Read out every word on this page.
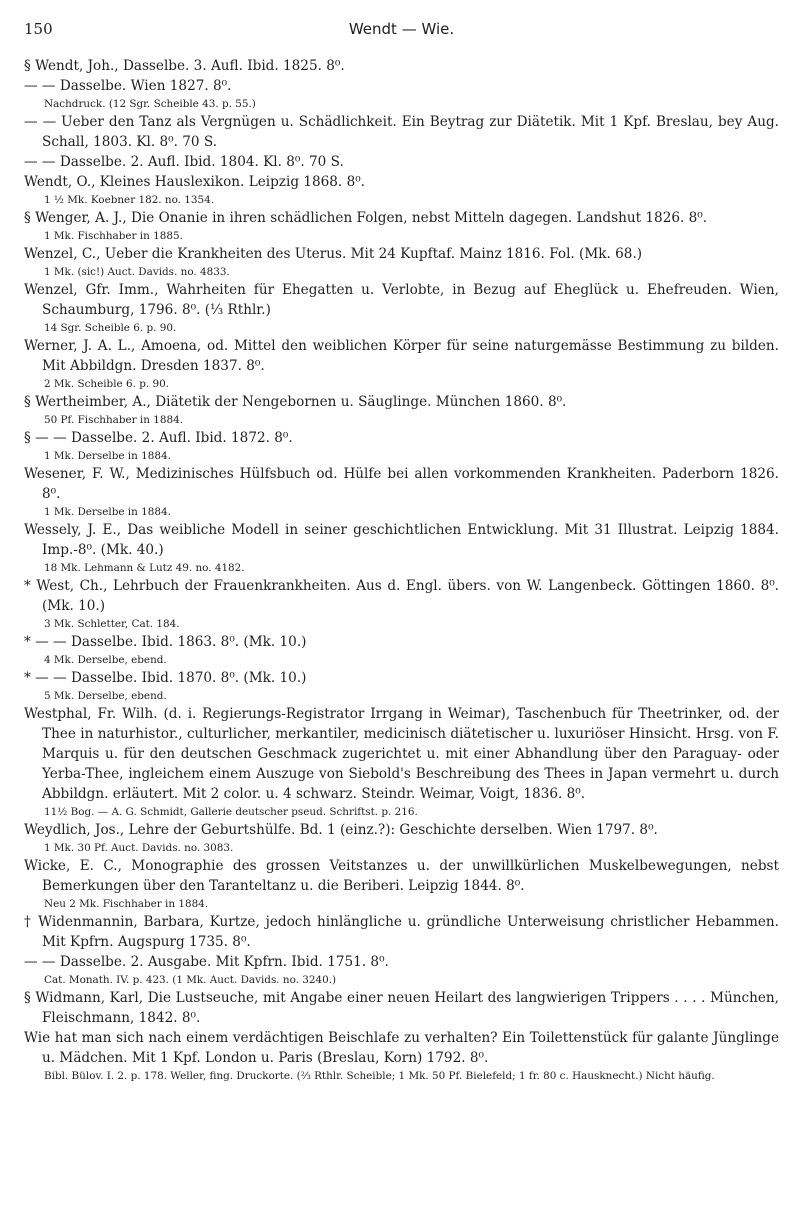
150	Wendt — Wie.
§ Wendt, Joh., Dasselbe. 3. Aufl. Ibid. 1825. 8⁰.
— — Dasselbe. Wien 1827. 8⁰.
Nachdruck. (12 Sgr. Scheible 43. p. 55.)
— — Ueber den Tanz als Vergnügen u. Schädlichkeit. Ein Beytrag zur Diätetik. Mit 1 Kpf. Breslau, bey Aug. Schall, 1803. Kl. 8⁰. 70 S.
— — Dasselbe. 2. Aufl. Ibid. 1804. Kl. 8⁰. 70 S.
Wendt, O., Kleines Hauslexikon. Leipzig 1868. 8⁰.
1 ½ Mk. Koebner 182. no. 1354.
§ Wenger, A. J., Die Onanie in ihren schädlichen Folgen, nebst Mitteln dagegen. Landshut 1826. 8⁰.
1 Mk. Fischhaber in 1885.
Wenzel, C., Ueber die Krankheiten des Uterus. Mit 24 Kupftaf. Mainz 1816. Fol. (Mk. 68.)
1 Mk. (sic!) Auct. Davids. no. 4833.
Wenzel, Gfr. Imm., Wahrheiten für Ehegatten u. Verlobte, in Bezug auf Eheglück u. Ehefreuden. Wien, Schaumburg, 1796. 8⁰. (⅓ Rthlr.)
14 Sgr. Scheible 6. p. 90.
Werner, J. A. L., Amoena, od. Mittel den weiblichen Körper für seine naturgemässe Bestimmung zu bilden. Mit Abbildgn. Dresden 1837. 8⁰.
2 Mk. Scheible 6. p. 90.
§ Wertheimber, A., Diätetik der Nengebornen u. Säuglinge. München 1860. 8⁰.
50 Pf. Fischhaber in 1884.
§ — — Dasselbe. 2. Aufl. Ibid. 1872. 8⁰.
1 Mk. Derselbe in 1884.
Wesener, F. W., Medizinisches Hülfsbuch od. Hülfe bei allen vorkommenden Krankheiten. Paderborn 1826. 8⁰.
1 Mk. Derselbe in 1884.
Wessely, J. E., Das weibliche Modell in seiner geschichtlichen Entwicklung. Mit 31 Illustrat. Leipzig 1884. Imp.-8⁰. (Mk. 40.)
18 Mk. Lehmann & Lutz 49. no. 4182.
* West, Ch., Lehrbuch der Frauenkrankheiten. Aus d. Engl. übers. von W. Langenbeck. Göttingen 1860. 8⁰. (Mk. 10.)
3 Mk. Schletter, Cat. 184.
* — — Dasselbe. Ibid. 1863. 8⁰. (Mk. 10.)
4 Mk. Derselbe, ebend.
* — — Dasselbe. Ibid. 1870. 8⁰. (Mk. 10.)
5 Mk. Derselbe, ebend.
Westphal, Fr. Wilh. (d. i. Regierungs-Registrator Irrgang in Weimar), Taschenbuch für Theetrinker, od. der Thee in naturhistor., culturlicher, merkantiler, medicinisch diätetischer u. luxuriöser Hinsicht. Hrsg. von F. Marquis u. für den deutschen Geschmack zugerichtet u. mit einer Abhandlung über den Paraguay- oder Yerba-Thee, ingleichem einem Auszuge von Siebold's Beschreibung des Thees in Japan vermehrt u. durch Abbildgn. erläutert. Mit 2 color. u. 4 schwarz. Steindr. Weimar, Voigt, 1836. 8⁰.
11½ Bog. — A. G. Schmidt, Gallerie deutscher pseud. Schriftst. p. 216.
Weydlich, Jos., Lehre der Geburtshülfe. Bd. 1 (einz.?): Geschichte derselben. Wien 1797. 8⁰.
1 Mk. 30 Pf. Auct. Davids. no. 3083.
Wicke, E. C., Monographie des grossen Veitstanzes u. der unwillkürlichen Muskelbewegungen, nebst Bemerkungen über den Taranteltanz u. die Beriberi. Leipzig 1844. 8⁰.
Neu 2 Mk. Fischhaber in 1884.
† Widenmannin, Barbara, Kurtze, jedoch hinlängliche u. gründliche Unterweisung christlicher Hebammen. Mit Kpfrn. Augspurg 1735. 8⁰.
— — Dasselbe. 2. Ausgabe. Mit Kpfrn. Ibid. 1751. 8⁰.
Cat. Monath. IV. p. 423. (1 Mk. Auct. Davids. no. 3240.)
§ Widmann, Karl, Die Lustseuche, mit Angabe einer neuen Heilart des langwierigen Trippers . . . . München, Fleischmann, 1842. 8⁰.
Wie hat man sich nach einem verdächtigen Beischlafe zu verhalten? Ein Toilettenstück für galante Jünglinge u. Mädchen. Mit 1 Kpf. London u. Paris (Breslau, Korn) 1792. 8⁰.
Bibl. Bülov. I. 2. p. 178. Weller, fing. Druckorte. (⅔ Rthlr. Scheible; 1 Mk. 50 Pf. Bielefeld; 1 fr. 80 c. Hausknecht.) Nicht häufig.
